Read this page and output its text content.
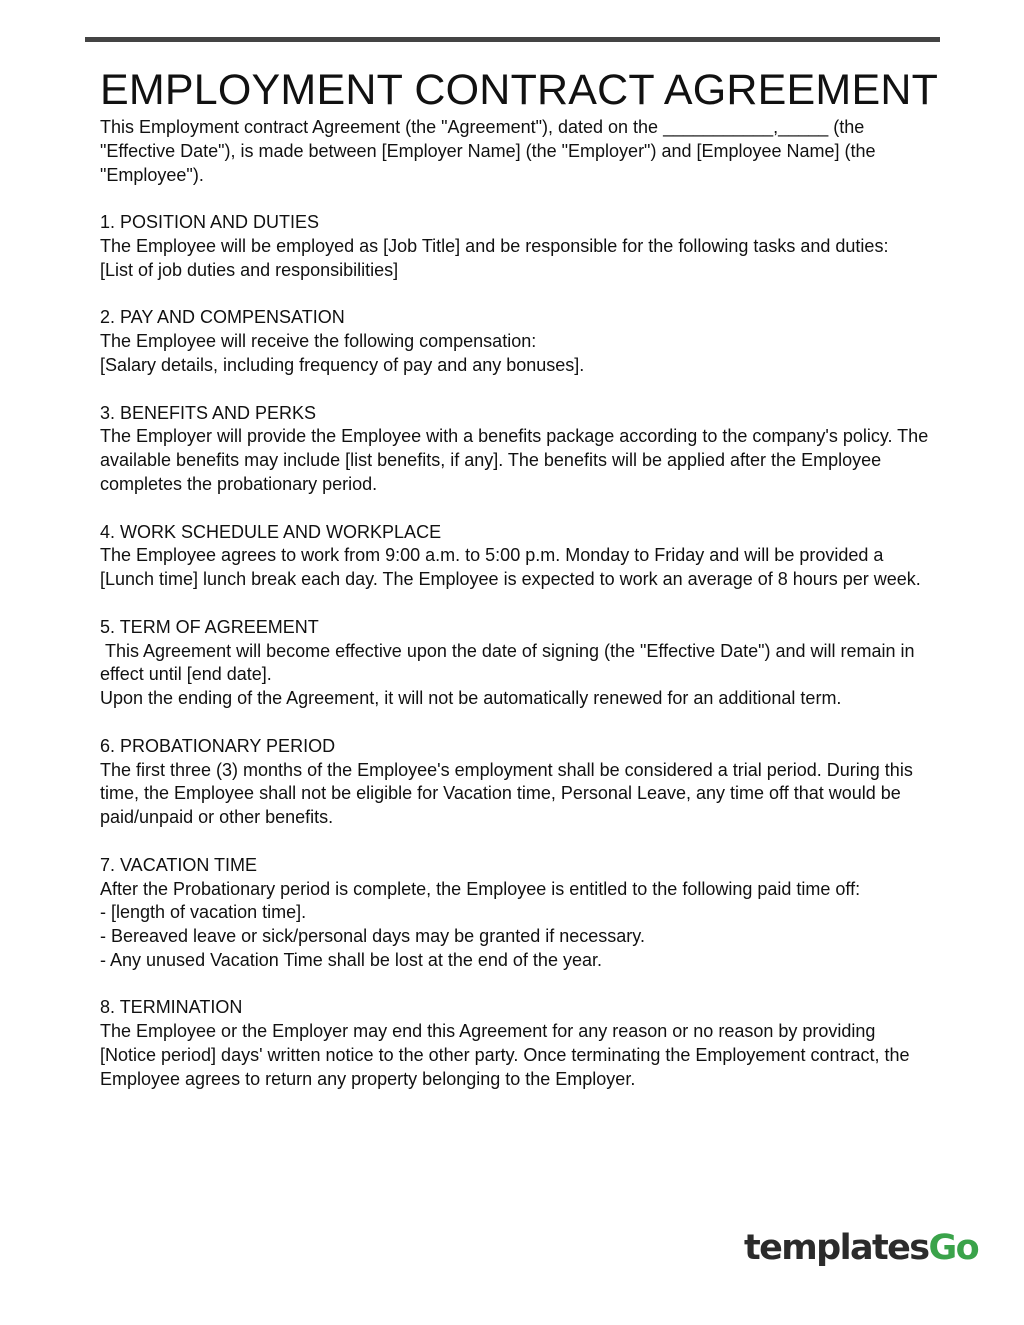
EMPLOYMENT CONTRACT AGREEMENT

This Employment contract Agreement (the "Agreement"), dated on the ___________,_____ (the "Effective Date"), is made between [Employer Name] (the "Employer") and [Employee Name] (the "Employee").

1. POSITION AND DUTIES

The Employee will be employed as [Job Title] and be responsible for the following tasks and duties:
[List of job duties and responsibilities]

2. PAY AND COMPENSATION

The Employee will receive the following compensation:
[Salary details, including frequency of pay and any bonuses].

3. BENEFITS AND PERKS

The Employer will provide the Employee with a benefits package according to the company's policy. The available benefits may include [list benefits, if any]. The benefits will be applied after the Employee completes the probationary period.

4. WORK SCHEDULE AND WORKPLACE

The Employee agrees to work from 9:00 a.m. to 5:00 p.m. Monday to Friday and will be provided a [Lunch time] lunch break each day. The Employee is expected to work an average of 8 hours per week.

5. TERM OF AGREEMENT

This Agreement will become effective upon the date of signing (the "Effective Date") and will remain in effect until [end date].
Upon the ending of the Agreement, it will not be automatically renewed for an additional term.

6. PROBATIONARY PERIOD

The first three (3) months of the Employee's employment shall be considered a trial period. During this time, the Employee shall not be eligible for Vacation time, Personal Leave, any time off that would be paid/unpaid or other benefits.

7. VACATION TIME

After the Probationary period is complete, the Employee is entitled to the following paid time off:
- [length of vacation time].
- Bereaved leave or sick/personal days may be granted if necessary.
- Any unused Vacation Time shall be lost at the end of the year.

8. TERMINATION

The Employee or the Employer may end this Agreement for any reason or no reason by providing [Notice period] days' written notice to the other party. Once terminating the Employement contract, the Employee agrees to return any property belonging to the Employer.

templatesGo
